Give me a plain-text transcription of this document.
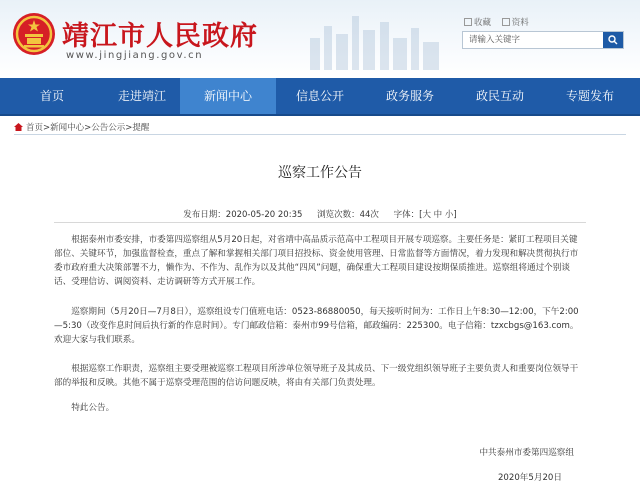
靖江市人民政府
www.jingjiang.gov.cn
收藏 资料
请输入关键字
首页	走进靖江	新闻中心	信息公开	政务服务	政民互动	专题发布
首页>新闻中心>公告公示>提醒
巡察工作公告
发布日期：2020-05-20 20:35 浏览次数：44次 字体：[大 中 小]

根据泰州市委安排，市委第四巡察组从5月20日起，对省靖中高品质示范高中工程项目开展专项巡察。主要任务是：紧盯工程项目关键部位、关键环节，加强监督检查，重点了解和掌握相关部门项目招投标、资金使用管理、日常监督等方面情况，着力发现和解决贯彻执行市委市政府重大决策部署不力，懒作为、不作为、乱作为以及其他“四风”问题，确保重大工程项目建设按期保质推进。巡察组将通过个别谈话、受理信访、调阅资料、走访调研等方式开展工作。

巡察期间（5月20日—7月8日），巡察组设专门值班电话：0523-86880050，每天接听时间为：工作日上午8:30—12:00，下午2:00—5:30（改变作息时间后执行新的作息时间）。专门邮政信箱：泰州市99号信箱，邮政编码：225300。电子信箱：tzxcbgs@163.com。欢迎大家与我们联系。

根据巡察工作职责，巡察组主要受理被巡察工程项目所涉单位领导班子及其成员、下一级党组织领导班子主要负责人和重要岗位领导干部的举报和反映。其他不属于巡察受理范围的信访问题反映，将由有关部门负责处理。

特此公告。

中共泰州市委第四巡察组
2020年5月20日
